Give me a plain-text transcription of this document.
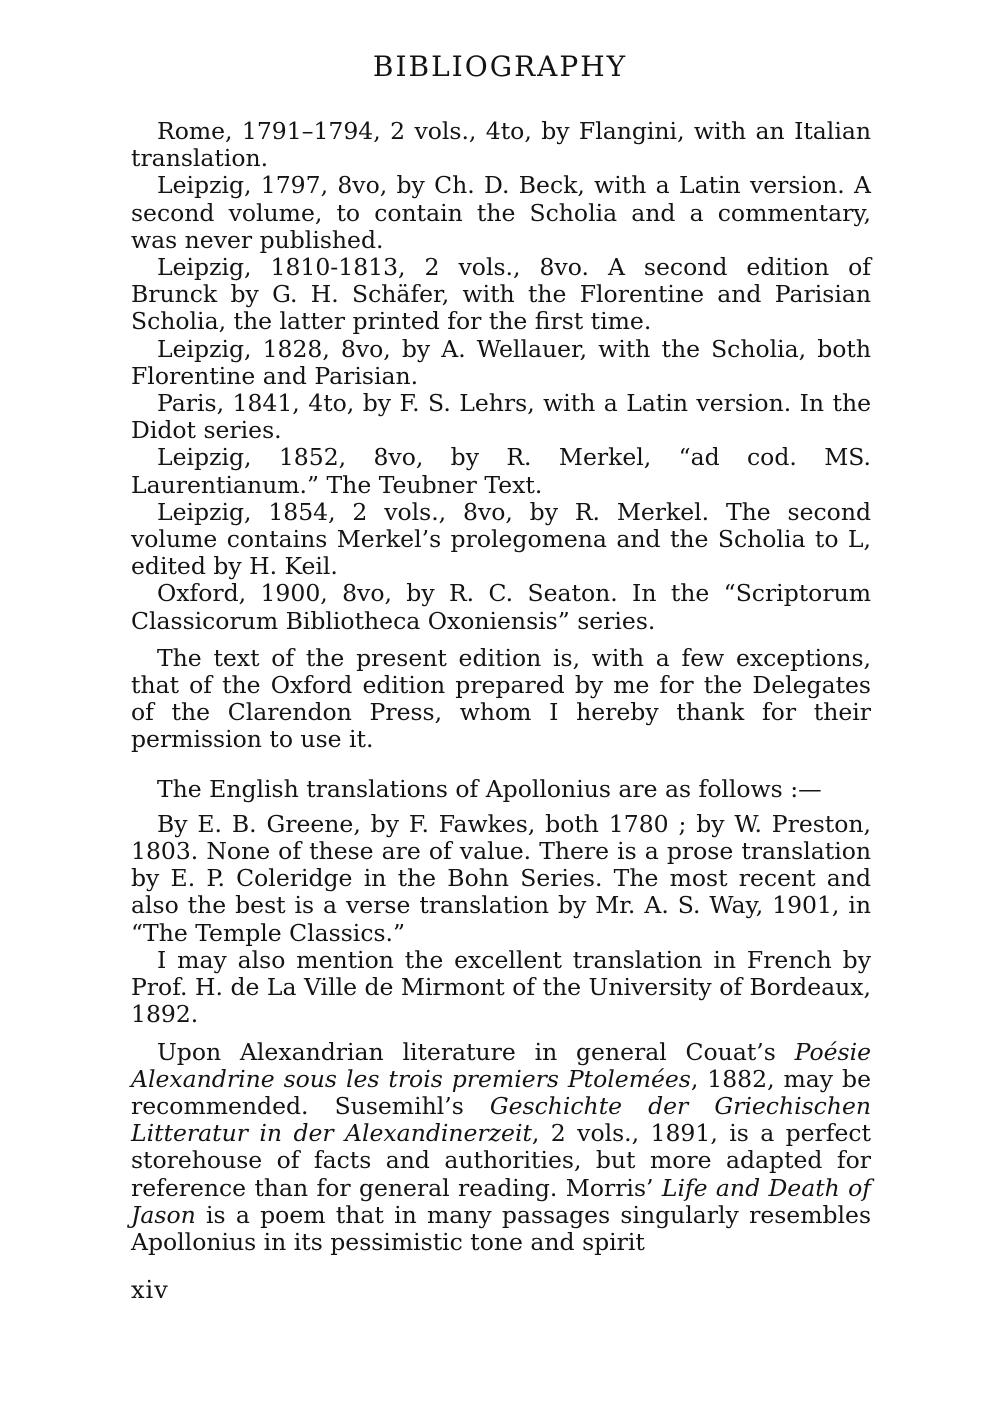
BIBLIOGRAPHY

Rome, 1791–1794, 2 vols., 4to, by Flangini, with an Italian translation.

Leipzig, 1797, 8vo, by Ch. D. Beck, with a Latin version. A second volume, to contain the Scholia and a commentary, was never published.

Leipzig, 1810-1813, 2 vols., 8vo. A second edition of Brunck by G. H. Schäfer, with the Florentine and Parisian Scholia, the latter printed for the first time.

Leipzig, 1828, 8vo, by A. Wellauer, with the Scholia, both Florentine and Parisian.

Paris, 1841, 4to, by F. S. Lehrs, with a Latin version. In the Didot series.

Leipzig, 1852, 8vo, by R. Merkel, “ad cod. MS. Laurentianum.” The Teubner Text.

Leipzig, 1854, 2 vols., 8vo, by R. Merkel. The second volume contains Merkel’s prolegomena and the Scholia to L, edited by H. Keil.

Oxford, 1900, 8vo, by R. C. Seaton. In the “Scriptorum Classicorum Bibliotheca Oxoniensis” series.

The text of the present edition is, with a few exceptions, that of the Oxford edition prepared by me for the Delegates of the Clarendon Press, whom I hereby thank for their permission to use it.

The English translations of Apollonius are as follows :—

By E. B. Greene, by F. Fawkes, both 1780 ; by W. Preston, 1803. None of these are of value. There is a prose translation by E. P. Coleridge in the Bohn Series. The most recent and also the best is a verse translation by Mr. A. S. Way, 1901, in “The Temple Classics.”

I may also mention the excellent translation in French by Prof. H. de La Ville de Mirmont of the University of Bordeaux, 1892.

Upon Alexandrian literature in general Couat’s Poésie Alexandrine sous les trois premiers Ptolemées, 1882, may be recommended. Susemihl’s Geschichte der Griechischen Litteratur in der Alexandinerzeit, 2 vols., 1891, is a perfect storehouse of facts and authorities, but more adapted for reference than for general reading. Morris’ Life and Death of Jason is a poem that in many passages singularly resembles Apollonius in its pessimistic tone and spirit

xiv
